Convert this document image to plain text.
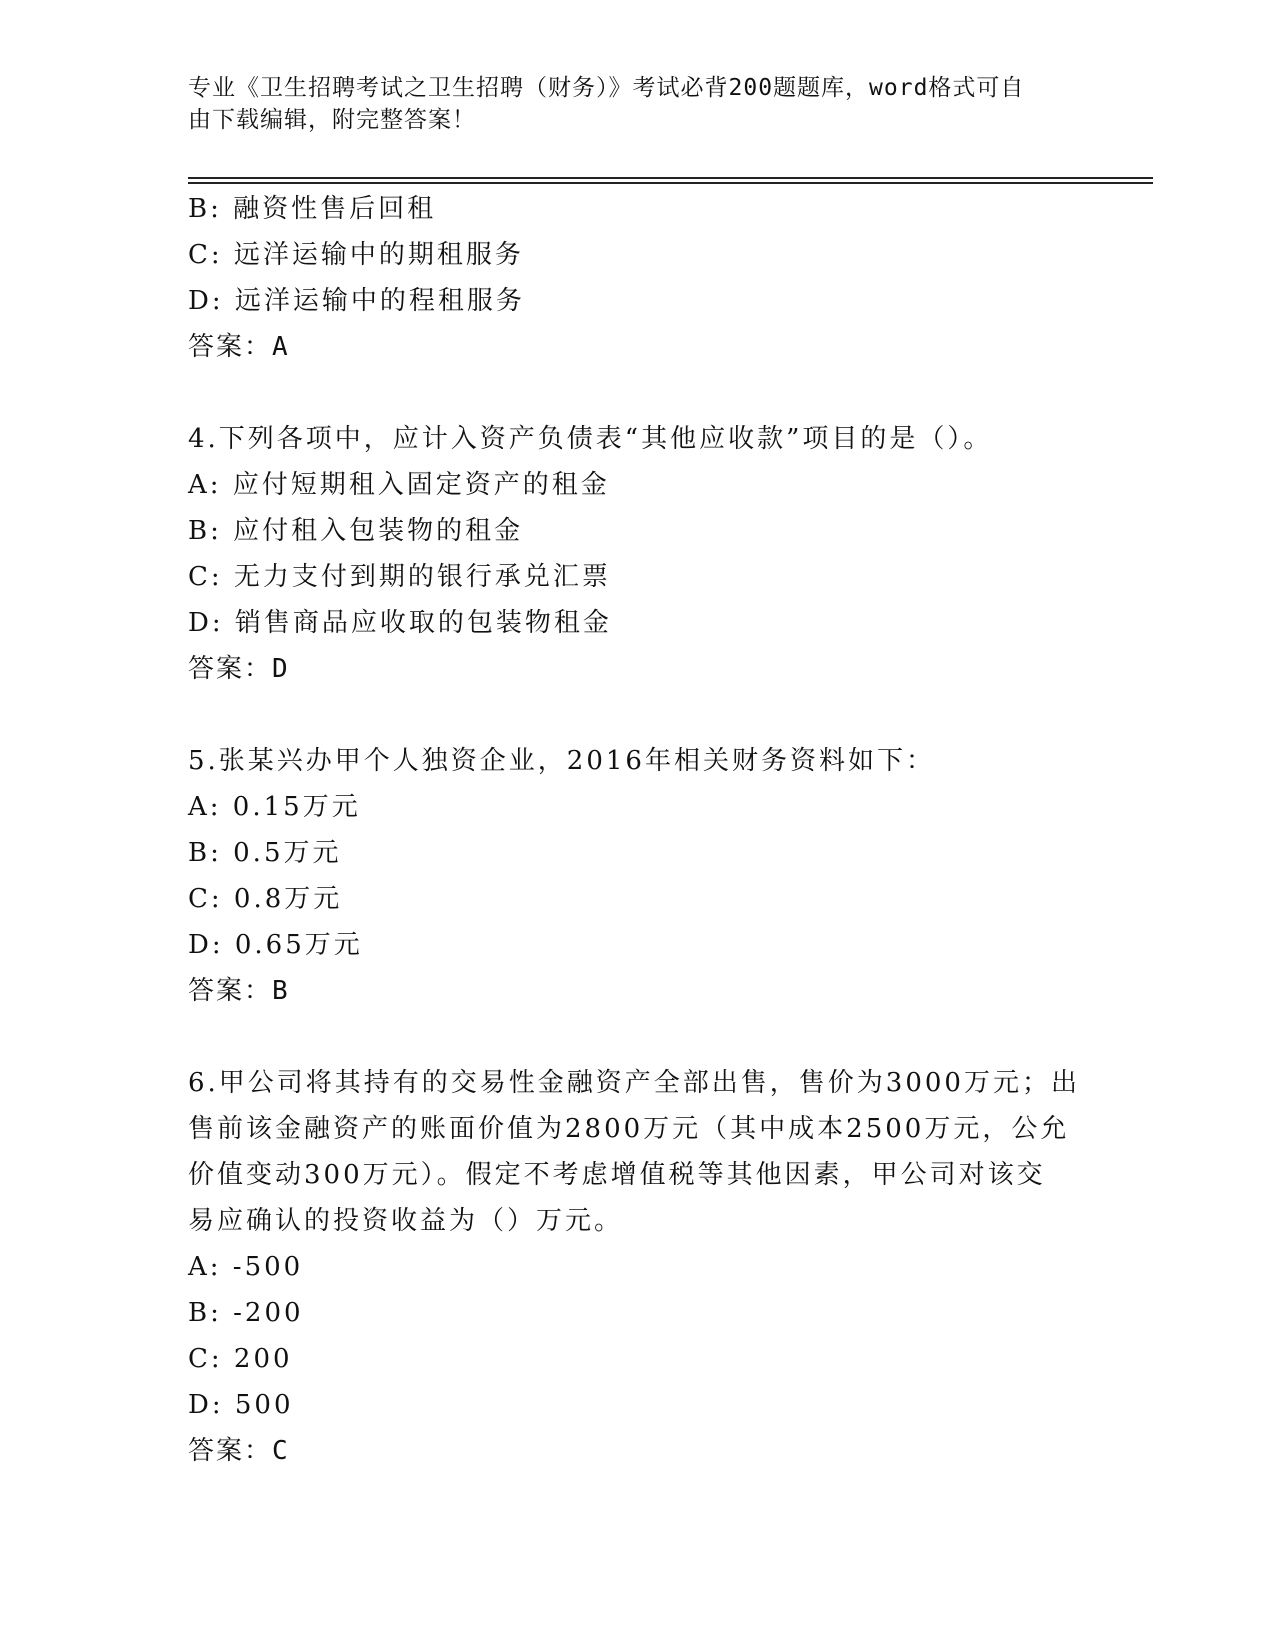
专业《卫生招聘考试之卫生招聘（财务）》考试必背200题题库，word格式可自
由下载编辑，附完整答案！
B: 融资性售后回租
C: 远洋运输中的期租服务
D: 远洋运输中的程租服务
答案：A
4.下列各项中，应计入资产负债表“其他应收款”项目的是（）。
A: 应付短期租入固定资产的租金
B: 应付租入包装物的租金
C: 无力支付到期的银行承兑汇票
D: 销售商品应收取的包装物租金
答案：D
5.张某兴办甲个人独资企业，2016年相关财务资料如下：
A: 0.15万元
B: 0.5万元
C: 0.8万元
D: 0.65万元
答案：B
6.甲公司将其持有的交易性金融资产全部出售，售价为3000万元；出
售前该金融资产的账面价值为2800万元（其中成本2500万元，公允
价值变动300万元）。假定不考虑增值税等其他因素，甲公司对该交
易应确认的投资收益为（）万元。
A: -500
B: -200
C: 200
D: 500
答案：C
